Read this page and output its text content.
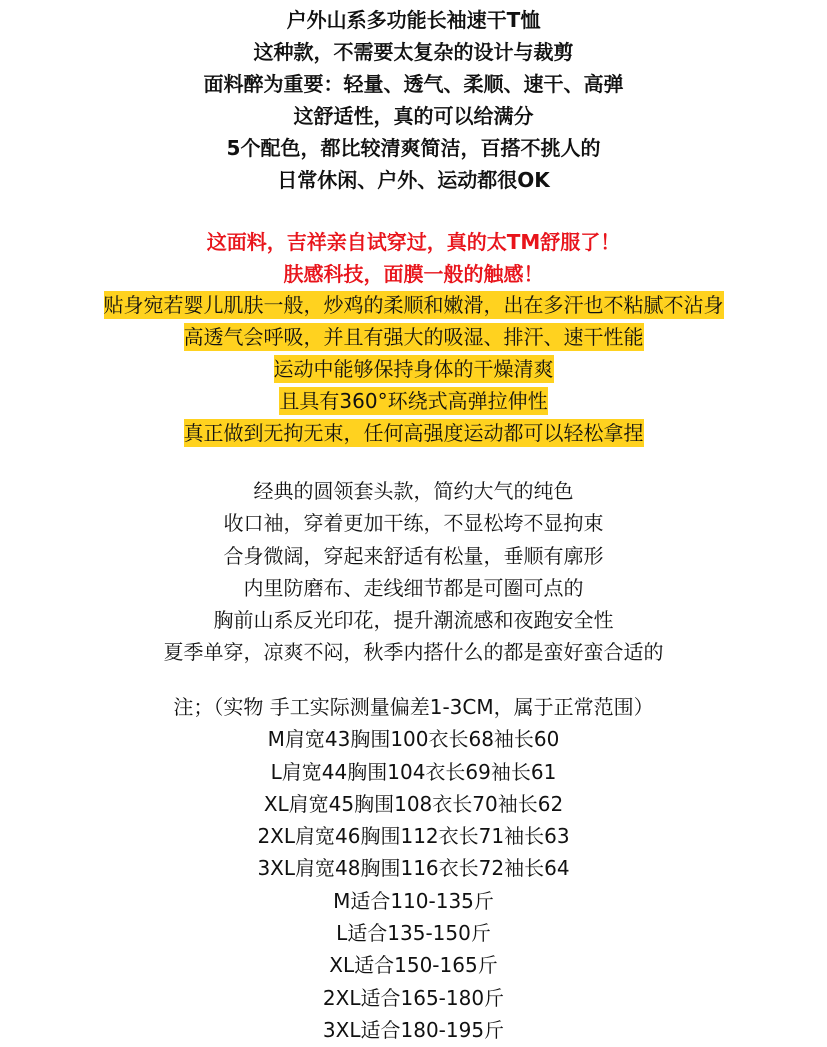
户外山系多功能长袖速干T恤
这种款，不需要太复杂的设计与裁剪
面料醉为重要：轻量、透气、柔顺、速干、高弹
这舒适性，真的可以给满分
5个配色，都比较清爽简洁，百搭不挑人的
日常休闲、户外、运动都很OK
这面料，吉祥亲自试穿过，真的太TM舒服了！
肤感科技，面膜一般的触感！
贴身宛若婴儿肌肤一般，炒鸡的柔顺和嫩滑，出在多汗也不粘腻不沾身
高透气会呼吸，并且有强大的吸湿、排汗、速干性能
运动中能够保持身体的干燥清爽
且具有360°环绕式高弹拉伸性
真正做到无拘无束，任何高强度运动都可以轻松拿捏
经典的圆领套头款，简约大气的纯色
收口袖，穿着更加干练，不显松垮不显拘束
合身微阔，穿起来舒适有松量，垂顺有廓形
内里防磨布、走线细节都是可圈可点的
胸前山系反光印花，提升潮流感和夜跑安全性
夏季单穿，凉爽不闷，秋季内搭什么的都是蛮好蛮合适的
注；（实物 手工实际测量偏差1-3CM，属于正常范围）
M肩宽43胸围100衣长68袖长60
L肩宽44胸围104衣长69袖长61
XL肩宽45胸围108衣长70袖长62
2XL肩宽46胸围112衣长71袖长63
3XL肩宽48胸围116衣长72袖长64
M适合110-135斤
L适合135-150斤
XL适合150-165斤
2XL适合165-180斤
3XL适合180-195斤
